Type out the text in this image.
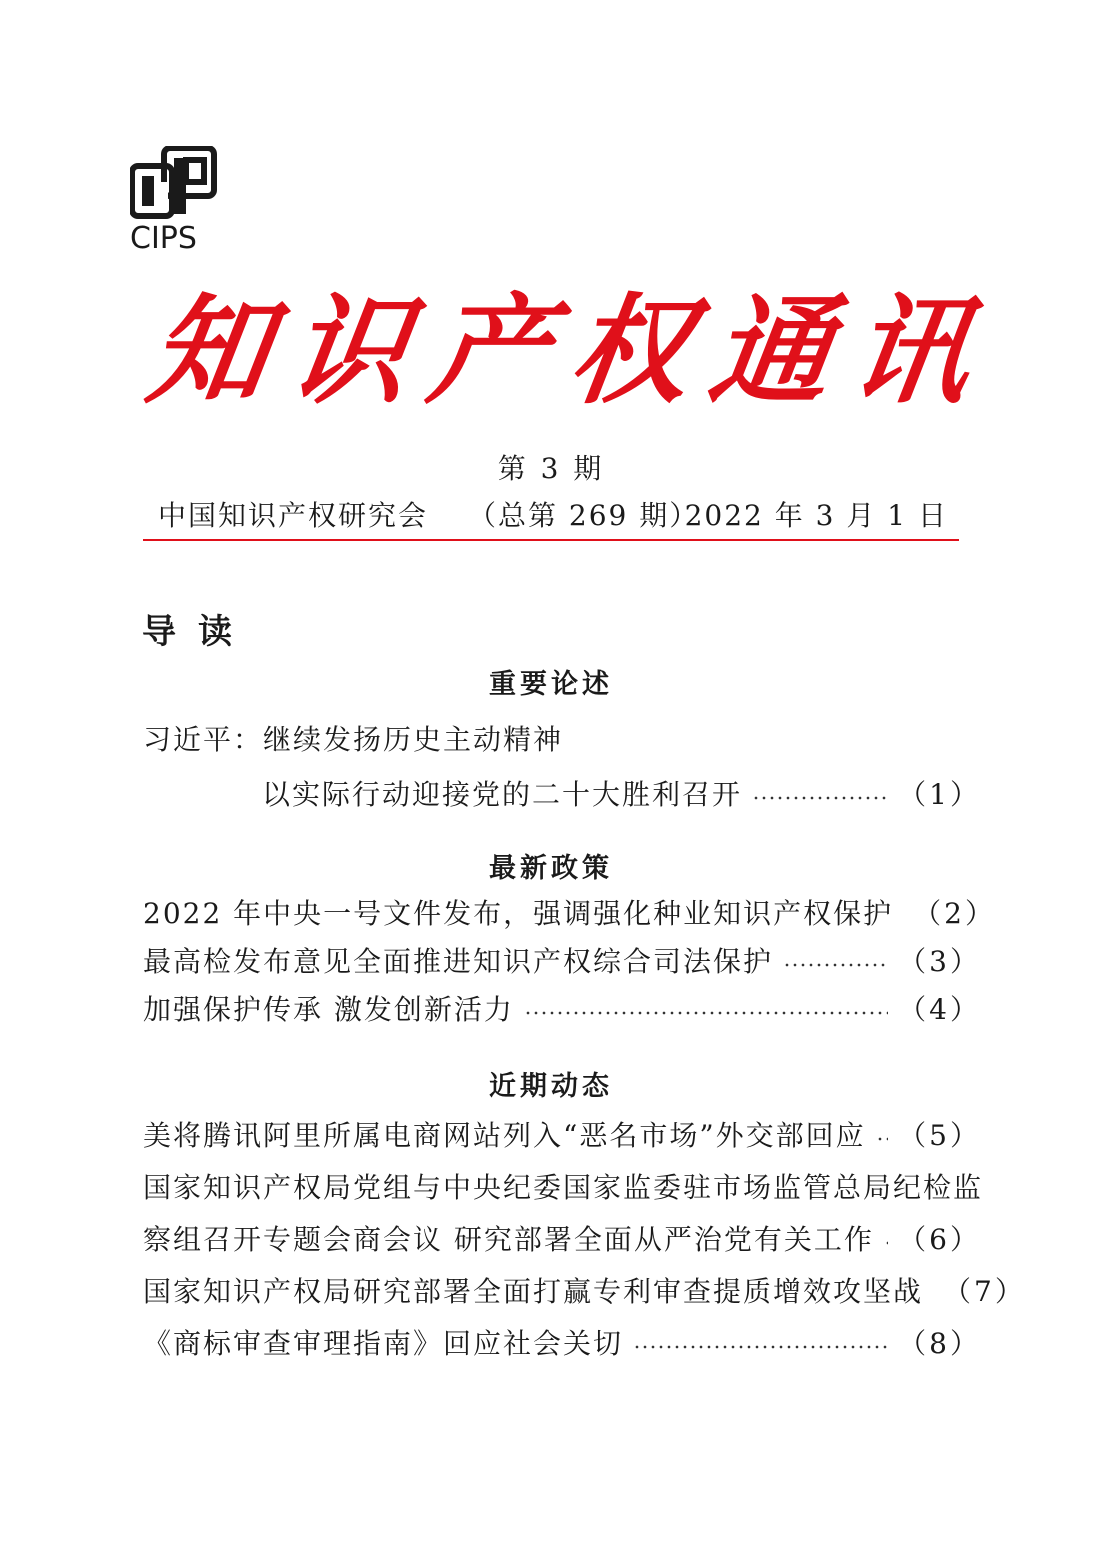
CIPS
知 识 产 权 通 讯
第 3 期
中国知识产权研究会 （总第 269 期）
2022 年 3 月 1 日
导读
重要论述
习近平：继续发扬历史主动精神
以实际行动迎接党的二十大胜利召开	（1）
最新政策
2022 年中央一号文件发布，强调强化种业知识产权保护 （2）
最高检发布意见全面推进知识产权综合司法保护	（3）
加强保护传承 激发创新活力	（4）
近期动态
美将腾讯阿里所属电商网站列入“恶名市场”外交部回应 （5）
国家知识产权局党组与中央纪委国家监委驻市场监管总局纪检监
察组召开专题会商会议 研究部署全面从严治党有关工作 （6）
国家知识产权局研究部署全面打赢专利审查提质增效攻坚战 （7）
《商标审查审理指南》回应社会关切	（8）
